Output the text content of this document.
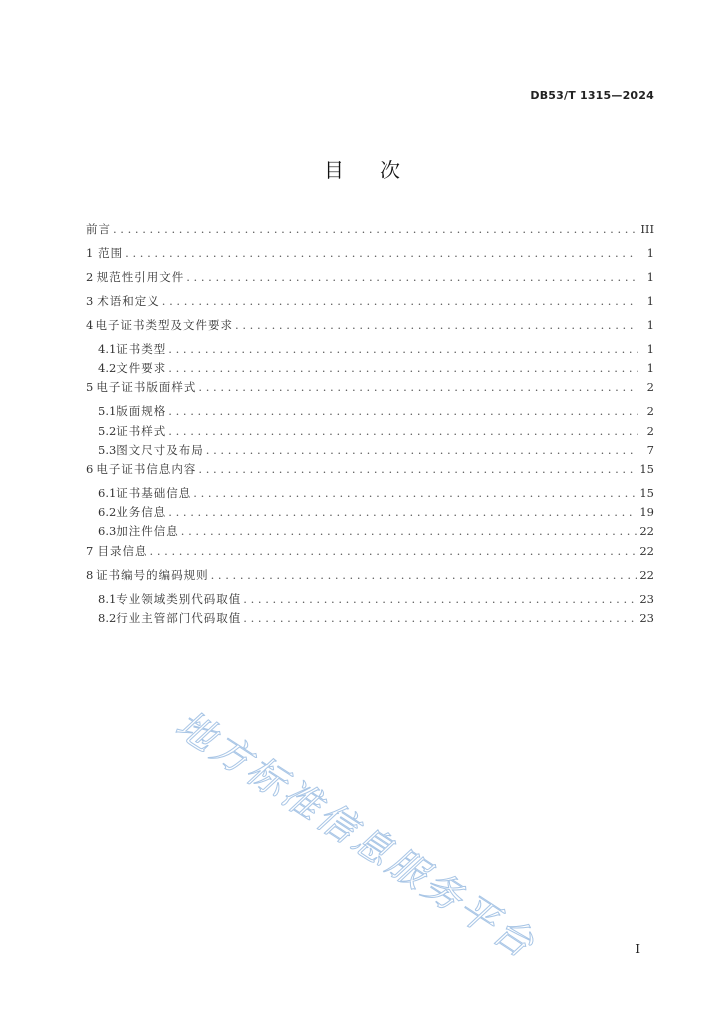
DB53/T 1315—2024
目 次
前言 . . .	III
1 范围 . . .	1
2 规范性引用文件 . . .	1
3 术语和定义 . . .	1
4 电子证书类型及文件要求 . . .	1
4.1 证书类型 . . .	1
4.2 文件要求 . . .	1
5 电子证书版面样式 . . .	2
5.1 版面规格 . . .	2
5.2 证书样式 . . .	2
5.3 图文尺寸及布局 . . .	7
6 电子证书信息内容 . . .	15
6.1 证书基础信息 . . .	15
6.2 业务信息 . . .	19
6.3 加注件信息 . . .	22
7 目录信息 . . .	22
8 证书编号的编码规则 . . .	22
8.1 专业领域类别代码取值 . . .	23
8.2 行业主管部门代码取值 . . .	23
地方标准信息服务平台	I
